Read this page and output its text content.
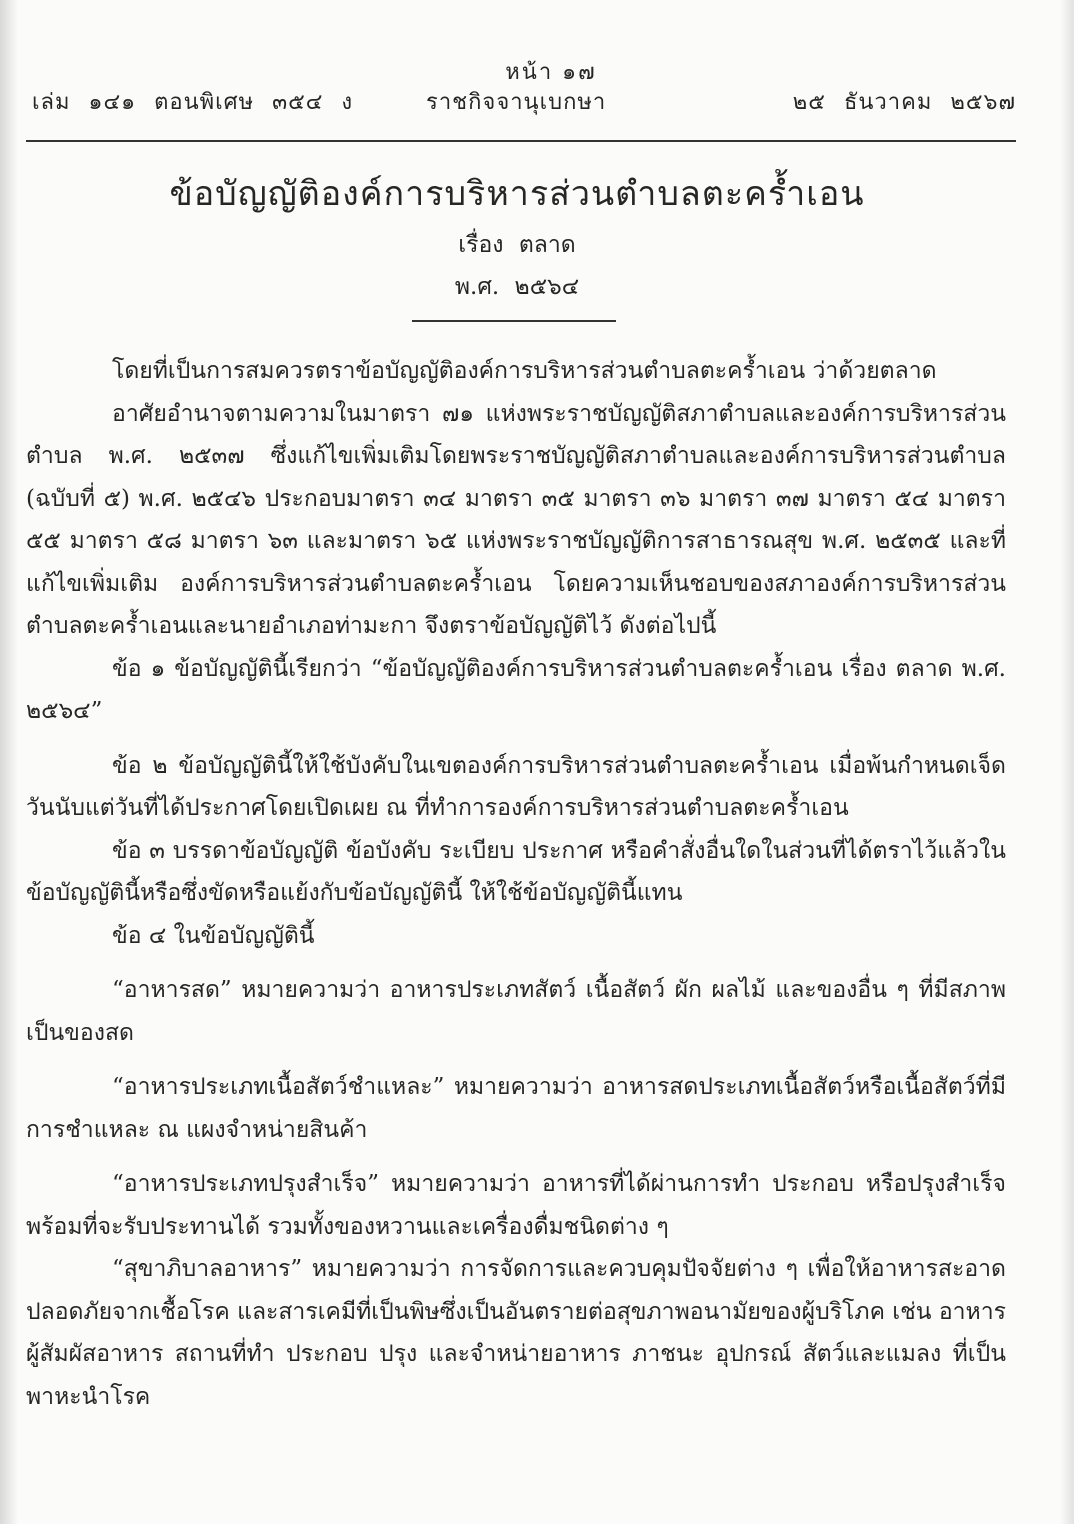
หน้า ๑๗
เล่ม ๑๔๑ ตอนพิเศษ ๓๕๔ ง	ราชกิจจานุเบกษา	๒๕ ธันวาคม ๒๕๖๗
ข้อบัญญัติองค์การบริหารส่วนตำบลตะคร้ำเอน
เรื่อง ตลาด
พ.ศ. ๒๕๖๔

โดยที่เป็นการสมควรตราข้อบัญญัติองค์การบริหารส่วนตำบลตะคร้ำเอน ว่าด้วยตลาด

อาศัยอำนาจตามความในมาตรา ๗๑ แห่งพระราชบัญญัติสภาตำบลและองค์การบริหารส่วนตำบล พ.ศ. ๒๕๓๗ ซึ่งแก้ไขเพิ่มเติมโดยพระราชบัญญัติสภาตำบลและองค์การบริหารส่วนตำบล (ฉบับที่ ๕) พ.ศ. ๒๕๔๖ ประกอบมาตรา ๓๔ มาตรา ๓๕ มาตรา ๓๖ มาตรา ๓๗ มาตรา ๕๔ มาตรา ๕๕ มาตรา ๕๘ มาตรา ๖๓ และมาตรา ๖๕ แห่งพระราชบัญญัติการสาธารณสุข พ.ศ. ๒๕๓๕ และที่แก้ไขเพิ่มเติม องค์การบริหารส่วนตำบลตะคร้ำเอน โดยความเห็นชอบของสภาองค์การบริหารส่วนตำบลตะคร้ำเอนและนายอำเภอท่ามะกา จึงตราข้อบัญญัติไว้ ดังต่อไปนี้

ข้อ ๑ ข้อบัญญัตินี้เรียกว่า “ข้อบัญญัติองค์การบริหารส่วนตำบลตะคร้ำเอน เรื่อง ตลาด พ.ศ. ๒๕๖๔”

ข้อ ๒ ข้อบัญญัตินี้ให้ใช้บังคับในเขตองค์การบริหารส่วนตำบลตะคร้ำเอน เมื่อพ้นกำหนดเจ็ดวันนับแต่วันที่ได้ประกาศโดยเปิดเผย ณ ที่ทำการองค์การบริหารส่วนตำบลตะคร้ำเอน

ข้อ ๓ บรรดาข้อบัญญัติ ข้อบังคับ ระเบียบ ประกาศ หรือคำสั่งอื่นใดในส่วนที่ได้ตราไว้แล้วในข้อบัญญัตินี้หรือซึ่งขัดหรือแย้งกับข้อบัญญัตินี้ ให้ใช้ข้อบัญญัตินี้แทน

ข้อ ๔ ในข้อบัญญัตินี้

“อาหารสด” หมายความว่า อาหารประเภทสัตว์ เนื้อสัตว์ ผัก ผลไม้ และของอื่น ๆ ที่มีสภาพเป็นของสด

“อาหารประเภทเนื้อสัตว์ชำแหละ” หมายความว่า อาหารสดประเภทเนื้อสัตว์หรือเนื้อสัตว์ที่มีการชำแหละ ณ แผงจำหน่ายสินค้า

“อาหารประเภทปรุงสำเร็จ” หมายความว่า อาหารที่ได้ผ่านการทำ ประกอบ หรือปรุงสำเร็จพร้อมที่จะรับประทานได้ รวมทั้งของหวานและเครื่องดื่มชนิดต่าง ๆ

“สุขาภิบาลอาหาร” หมายความว่า การจัดการและควบคุมปัจจัยต่าง ๆ เพื่อให้อาหารสะอาด ปลอดภัยจากเชื้อโรค และสารเคมีที่เป็นพิษซึ่งเป็นอันตรายต่อสุขภาพอนามัยของผู้บริโภค เช่น อาหาร ผู้สัมผัสอาหาร สถานที่ทำ ประกอบ ปรุง และจำหน่ายอาหาร ภาชนะ อุปกรณ์ สัตว์และแมลง ที่เป็นพาหะนำโรค
